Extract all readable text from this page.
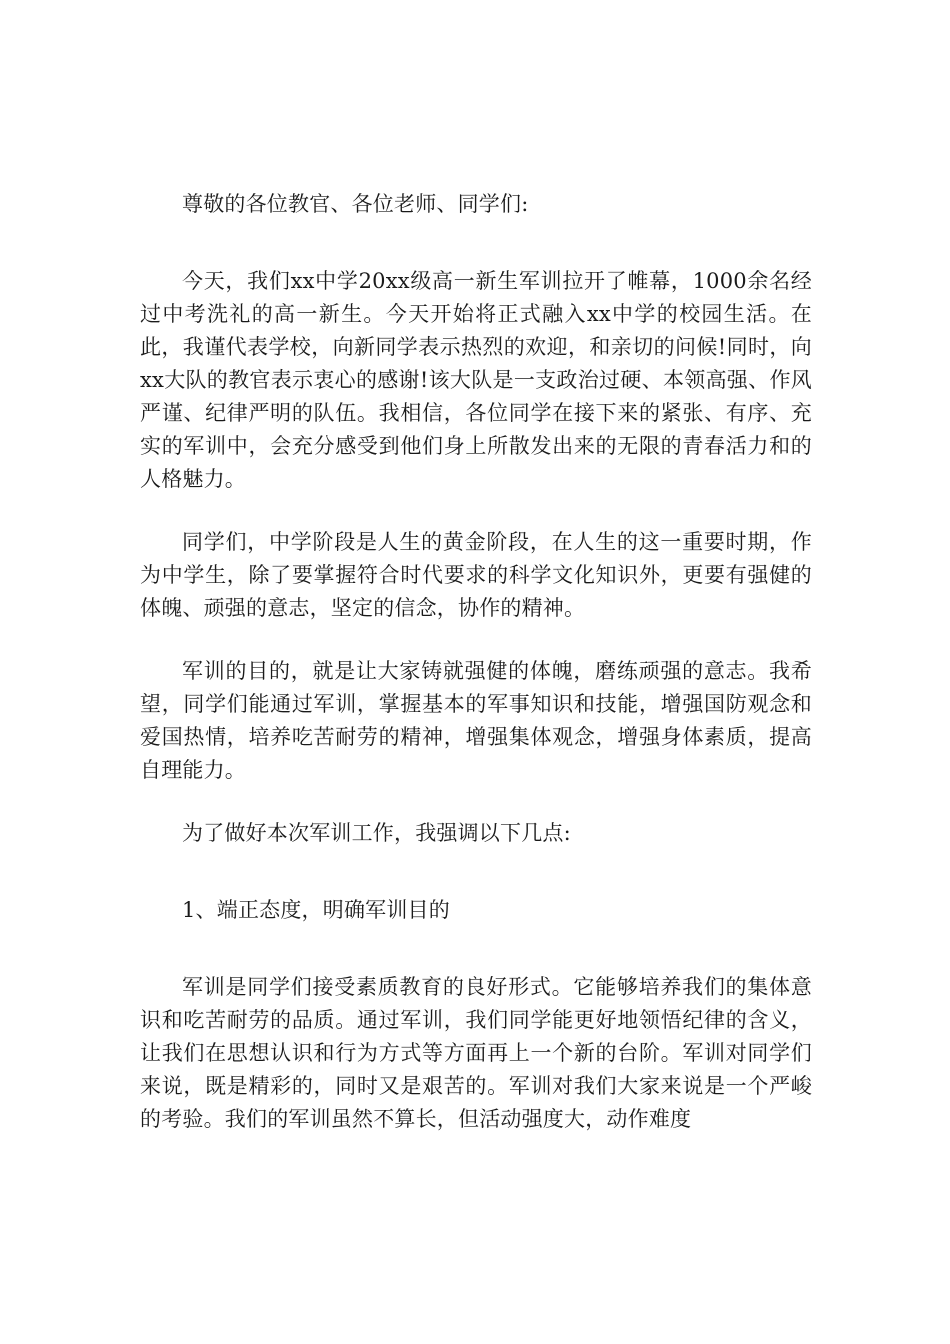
尊敬的各位教官、各位老师、同学们:

今天，我们xx中学20xx级高一新生军训拉开了帷幕，1000余名经过中考洗礼的高一新生。今天开始将正式融入xx中学的校园生活。在此，我谨代表学校，向新同学表示热烈的欢迎，和亲切的问候!同时，向xx大队的教官表示衷心的感谢!该大队是一支政治过硬、本领高强、作风严谨、纪律严明的队伍。我相信，各位同学在接下来的紧张、有序、充实的军训中，会充分感受到他们身上所散发出来的无限的青春活力和的人格魅力。

同学们，中学阶段是人生的黄金阶段，在人生的这一重要时期，作为中学生，除了要掌握符合时代要求的科学文化知识外，更要有强健的体魄、顽强的意志，坚定的信念，协作的精神。

军训的目的，就是让大家铸就强健的体魄，磨练顽强的意志。我希望，同学们能通过军训，掌握基本的军事知识和技能，增强国防观念和爱国热情，培养吃苦耐劳的精神，增强集体观念，增强身体素质，提高自理能力。

为了做好本次军训工作，我强调以下几点:

1、端正态度，明确军训目的

军训是同学们接受素质教育的良好形式。它能够培养我们的集体意识和吃苦耐劳的品质。通过军训，我们同学能更好地领悟纪律的含义，让我们在思想认识和行为方式等方面再上一个新的台阶。军训对同学们来说，既是精彩的，同时又是艰苦的。军训对我们大家来说是一个严峻的考验。我们的军训虽然不算长，但活动强度大，动作难度
